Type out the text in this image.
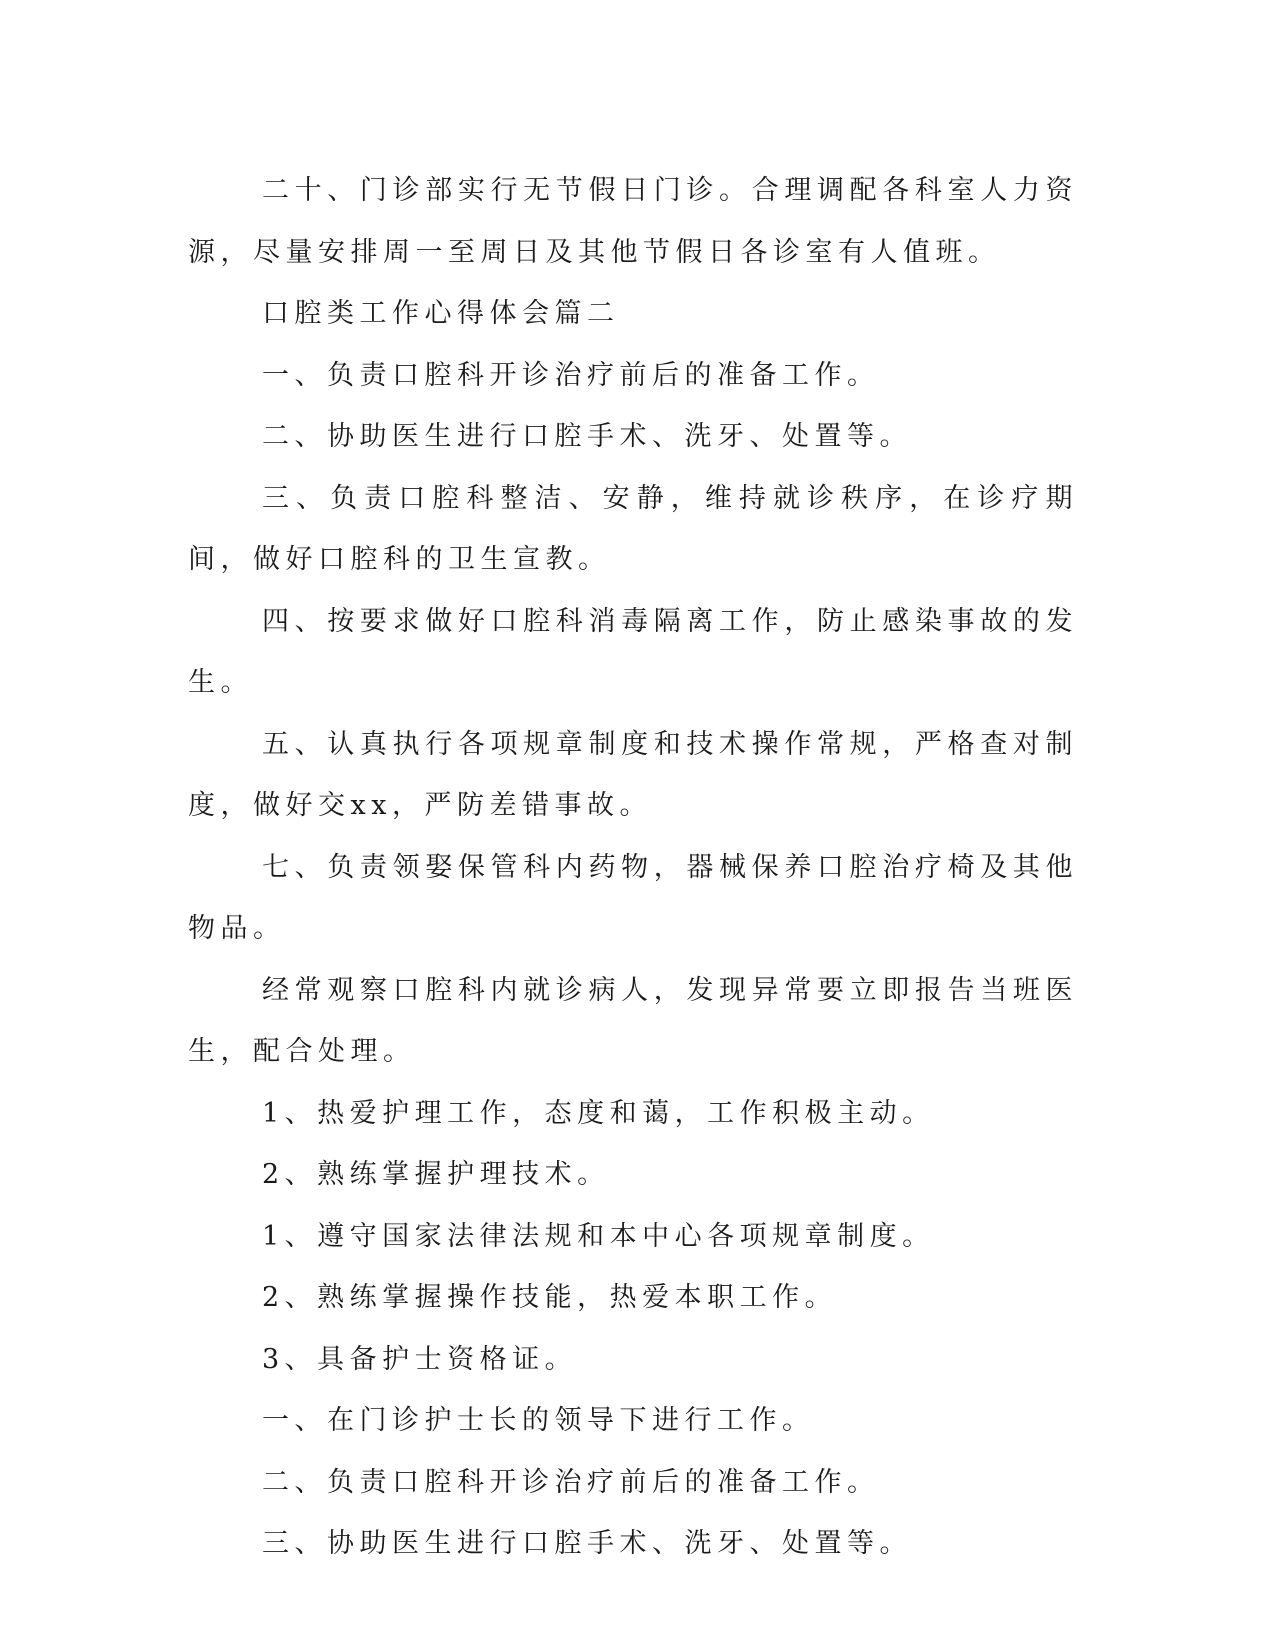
二十、门诊部实行无节假日门诊。合理调配各科室人力资源，尽量安排周一至周日及其他节假日各诊室有人值班。

口腔类工作心得体会篇二

一、负责口腔科开诊治疗前后的准备工作。

二、协助医生进行口腔手术、洗牙、处置等。

三、负责口腔科整洁、安静，维持就诊秩序，在诊疗期间，做好口腔科的卫生宣教。

四、按要求做好口腔科消毒隔离工作，防止感染事故的发生。

五、认真执行各项规章制度和技术操作常规，严格查对制度，做好交xx，严防差错事故。

七、负责领娶保管科内药物，器械保养口腔治疗椅及其他物品。

经常观察口腔科内就诊病人，发现异常要立即报告当班医生，配合处理。

1、热爱护理工作，态度和蔼，工作积极主动。

2、熟练掌握护理技术。

1、遵守国家法律法规和本中心各项规章制度。

2、熟练掌握操作技能，热爱本职工作。

3、具备护士资格证。

一、在门诊护士长的领导下进行工作。

二、负责口腔科开诊治疗前后的准备工作。

三、协助医生进行口腔手术、洗牙、处置等。
